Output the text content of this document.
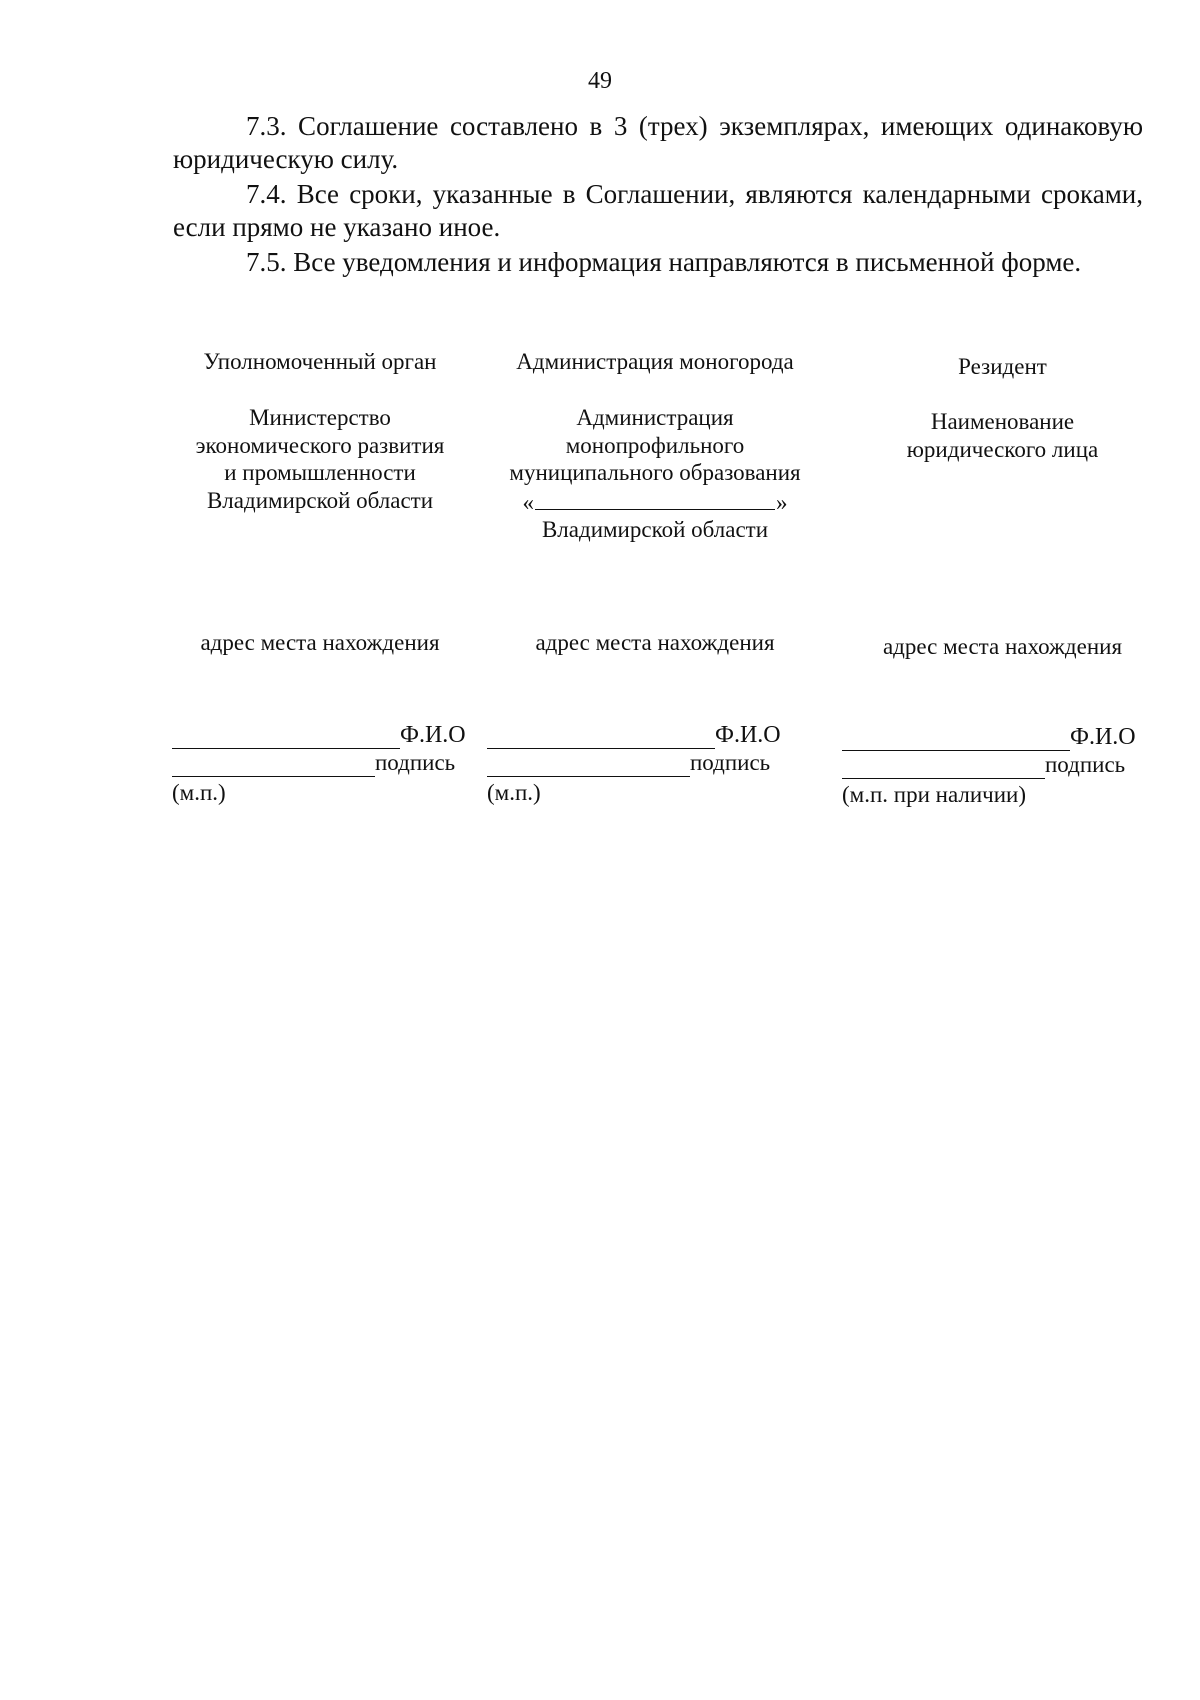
49

7.3. Соглашение составлено в 3 (трех) экземплярах, имеющих одинаковую юридическую силу.

7.4. Все сроки, указанные в Соглашении, являются календарными сроками, если прямо не указано иное.

7.5. Все уведомления и информация направляются в письменной форме.

Уполномоченный орган
Министерство
экономического развития
и промышленности
Владимирской области
адрес места нахождения
Администрация моногорода
Администрация
монопрофильного
муниципального образования
«	»
Владимирской области
адрес места нахождения
Резидент
Наименование
юридического лица
адрес места нахождения
Ф.И.О
подпись
(м.п.)
Ф.И.О
подпись
(м.п.)
Ф.И.О
подпись
(м.п. при наличии)
